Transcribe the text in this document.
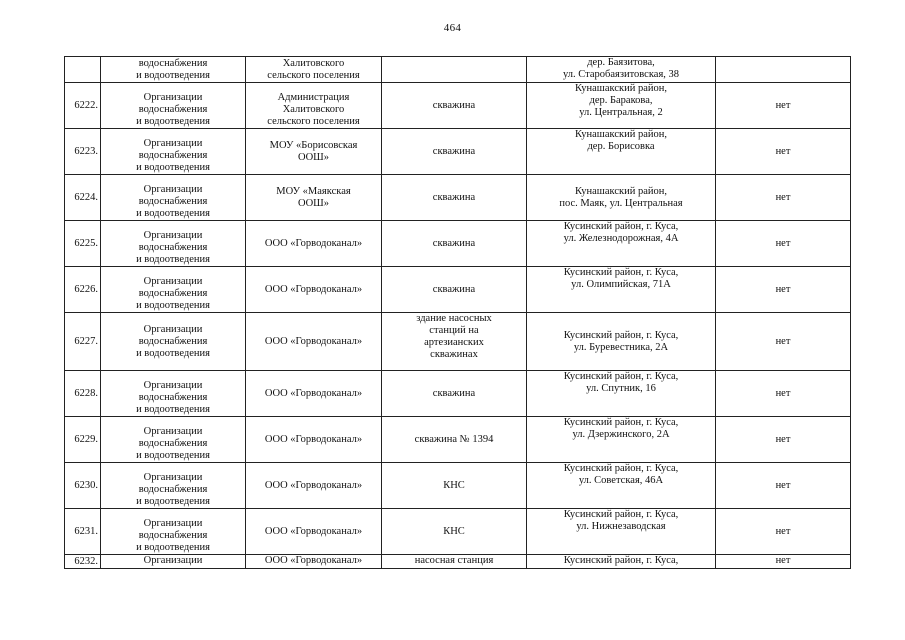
464

	водоснабжения
и водоотведения	Халитовского
сельского поселения		дер. Баязитова,
ул. Старобаязитовская, 38	

6222.	Организации
водоснабжения
и водоотведения	Администрация
Халитовского
сельского поселения	скважина	Кунашакский район,
дер. Баракова,
ул. Центральная, 2	нет
6223.	Организации
водоснабжения
и водоотведения	МОУ «Борисовская
ООШ»	скважина	Кунашакский район,
дер. Борисовка	нет
6224.	Организации
водоснабжения
и водоотведения	МОУ «Маякская
ООШ»	скважина	Кунашакский район,
пос. Маяк, ул. Центральная	нет
6225.	Организации
водоснабжения
и водоотведения	ООО «Горводоканал»	скважина	Кусинский район, г. Куса,
ул. Железнодорожная, 4А	нет
6226.	Организации
водоснабжения
и водоотведения	ООО «Горводоканал»	скважина	Кусинский район, г. Куса,
ул. Олимпийская, 71А	нет
6227.	Организации
водоснабжения
и водоотведения	ООО «Горводоканал»	здание насосных
станций на
артезианских
скважинах	Кусинский район, г. Куса,
ул. Буревестника, 2А	нет
6228.	Организации
водоснабжения
и водоотведения	ООО «Горводоканал»	скважина	Кусинский район, г. Куса,
ул. Спутник, 16	нет
6229.	Организации
водоснабжения
и водоотведения	ООО «Горводоканал»	скважина № 1394	Кусинский район, г. Куса,
ул. Дзержинского, 2А	нет
6230.	Организации
водоснабжения
и водоотведения	ООО «Горводоканал»	КНС	Кусинский район, г. Куса,
ул. Советская, 46А	нет
6231.	Организации
водоснабжения
и водоотведения	ООО «Горводоканал»	КНС	Кусинский район, г. Куса,
ул. Нижнезаводская	нет
6232.	Организации	ООО «Горводоканал»	насосная станция	Кусинский район, г. Куса,	нет
